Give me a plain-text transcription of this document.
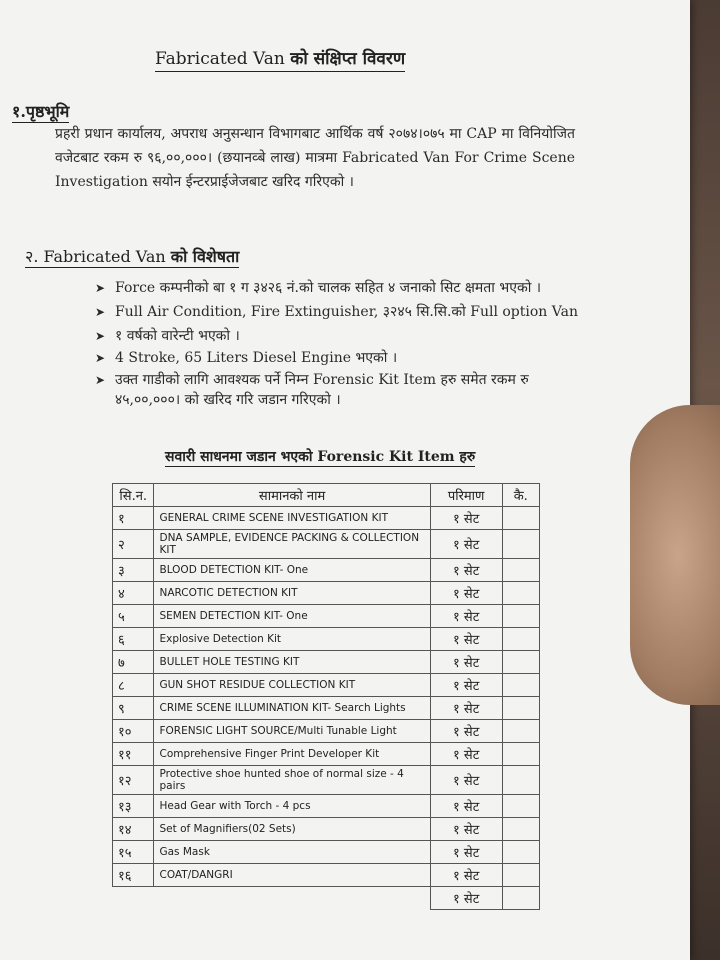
Fabricated Van को संक्षिप्त विवरण
१.पृष्ठभूमि
प्रहरी प्रधान कार्यालय, अपराध अनुसन्धान विभागबाट आर्थिक वर्ष २०७४।०७५ मा CAP मा विनियोजित वजेटबाट रकम रु ९६,००,०००। (छयानव्बे लाख) मात्रमा Fabricated Van For Crime Scene Investigation सयोन ईन्टरप्राईजेजबाट खरिद गरिएको ।
२. Fabricated Van को विशेषता
➤ Force कम्पनीको बा १ ग ३४२६ नं.को चालक सहित ४ जनाको सिट क्षमता भएको ।
➤ Full Air Condition, Fire Extinguisher, ३२४५ सि.सि.को Full option Van
➤ १ वर्षको वारेन्टी भएको ।
➤ 4 Stroke, 65 Liters Diesel Engine भएको ।
➤ उक्त गाडीको लागि आवश्यक पर्ने निम्न Forensic Kit Item हरु समेत रकम रु ४५,००,०००। को खरिद गरि जडान गरिएको ।
सवारी साधनमा जडान भएको Forensic Kit Item हरु
सि.न.	सामानको नाम	परिमाण	कै.
१	GENERAL CRIME SCENE INVESTIGATION KIT	१ सेट	
२	DNA SAMPLE, EVIDENCE PACKING & COLLECTION KIT	१ सेट	
३	BLOOD DETECTION KIT- One	१ सेट	
४	NARCOTIC DETECTION KIT	१ सेट	
५	SEMEN DETECTION KIT- One	१ सेट	
६	Explosive Detection Kit	१ सेट	
७	BULLET HOLE TESTING KIT	१ सेट	
८	GUN SHOT RESIDUE COLLECTION KIT	१ सेट	
९	CRIME SCENE ILLUMINATION KIT- Search Lights	१ सेट	
१०	FORENSIC LIGHT SOURCE/Multi Tunable Light	१ सेट	
११	Comprehensive Finger Print Developer Kit	१ सेट	
१२	Protective shoe hunted shoe of normal size - 4 pairs	१ सेट	
१३	Head Gear with Torch - 4 pcs	१ सेट	
१४	Set of Magnifiers(02 Sets)	१ सेट	
१५	Gas Mask	१ सेट	
१६	COAT/DANGRI	१ सेट	
		१ सेट	
